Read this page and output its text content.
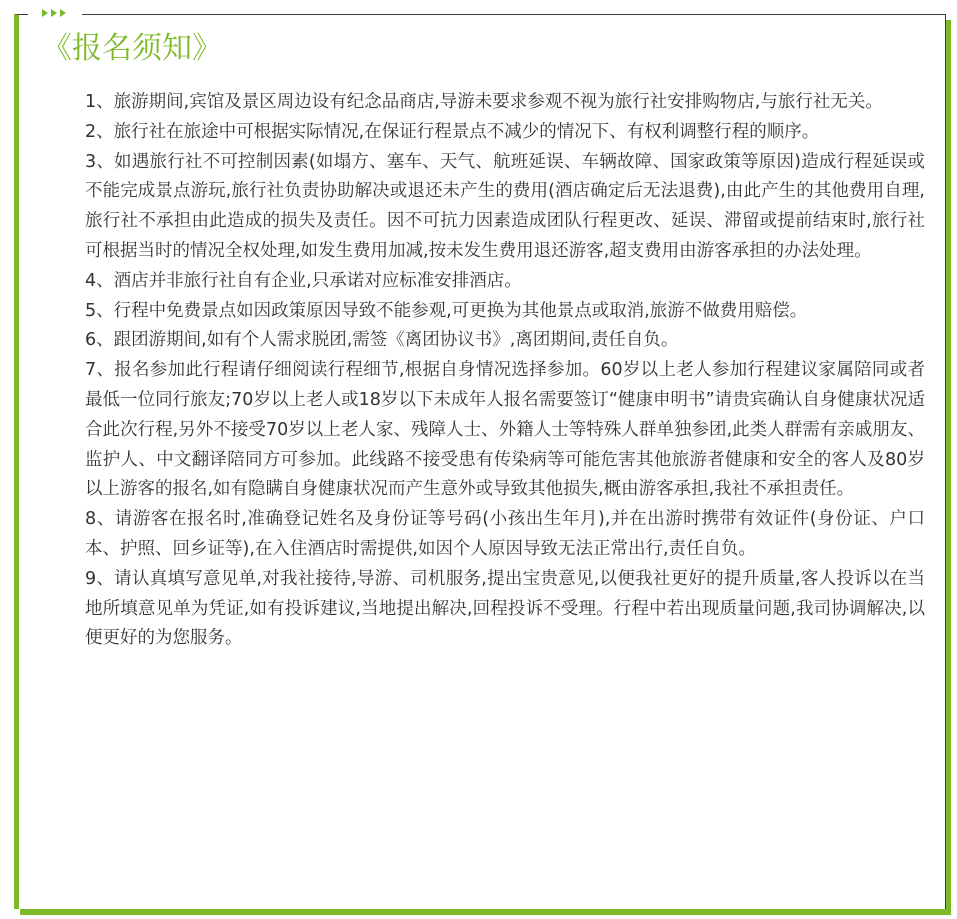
《报名须知》
1、旅游期间,宾馆及景区周边设有纪念品商店,导游未要求参观不视为旅行社安排购物店,与旅行社无关。
2、旅行社在旅途中可根据实际情况,在保证行程景点不减少的情况下、有权利调整行程的顺序。
3、如遇旅行社不可控制因素(如塌方、塞车、天气、航班延误、车辆故障、国家政策等原因)造成行程延误或不能完成景点游玩,旅行社负责协助解决或退还未产生的费用(酒店确定后无法退费),由此产生的其他费用自理,旅行社不承担由此造成的损失及责任。因不可抗力因素造成团队行程更改、延误、滞留或提前结束时,旅行社可根据当时的情况全权处理,如发生费用加减,按未发生费用退还游客,超支费用由游客承担的办法处理。
4、酒店并非旅行社自有企业,只承诺对应标准安排酒店。
5、行程中免费景点如因政策原因导致不能参观,可更换为其他景点或取消,旅游不做费用赔偿。
6、跟团游期间,如有个人需求脱团,需签《离团协议书》,离团期间,责任自负。
7、报名参加此行程请仔细阅读行程细节,根据自身情况选择参加。60岁以上老人参加行程建议家属陪同或者最低一位同行旅友;70岁以上老人或18岁以下未成年人报名需要签订“健康申明书”请贵宾确认自身健康状况适合此次行程,另外不接受70岁以上老人家、残障人士、外籍人士等特殊人群单独参团,此类人群需有亲戚朋友、监护人、中文翻译陪同方可参加。此线路不接受患有传染病等可能危害其他旅游者健康和安全的客人及80岁以上游客的报名,如有隐瞒自身健康状况而产生意外或导致其他损失,概由游客承担,我社不承担责任。
8、请游客在报名时,准确登记姓名及身份证等号码(小孩出生年月),并在出游时携带有效证件(身份证、户口本、护照、回乡证等),在入住酒店时需提供,如因个人原因导致无法正常出行,责任自负。
9、请认真填写意见单,对我社接待,导游、司机服务,提出宝贵意见,以便我社更好的提升质量,客人投诉以在当地所填意见单为凭证,如有投诉建议,当地提出解决,回程投诉不受理。行程中若出现质量问题,我司协调解决,以便更好的为您服务。
